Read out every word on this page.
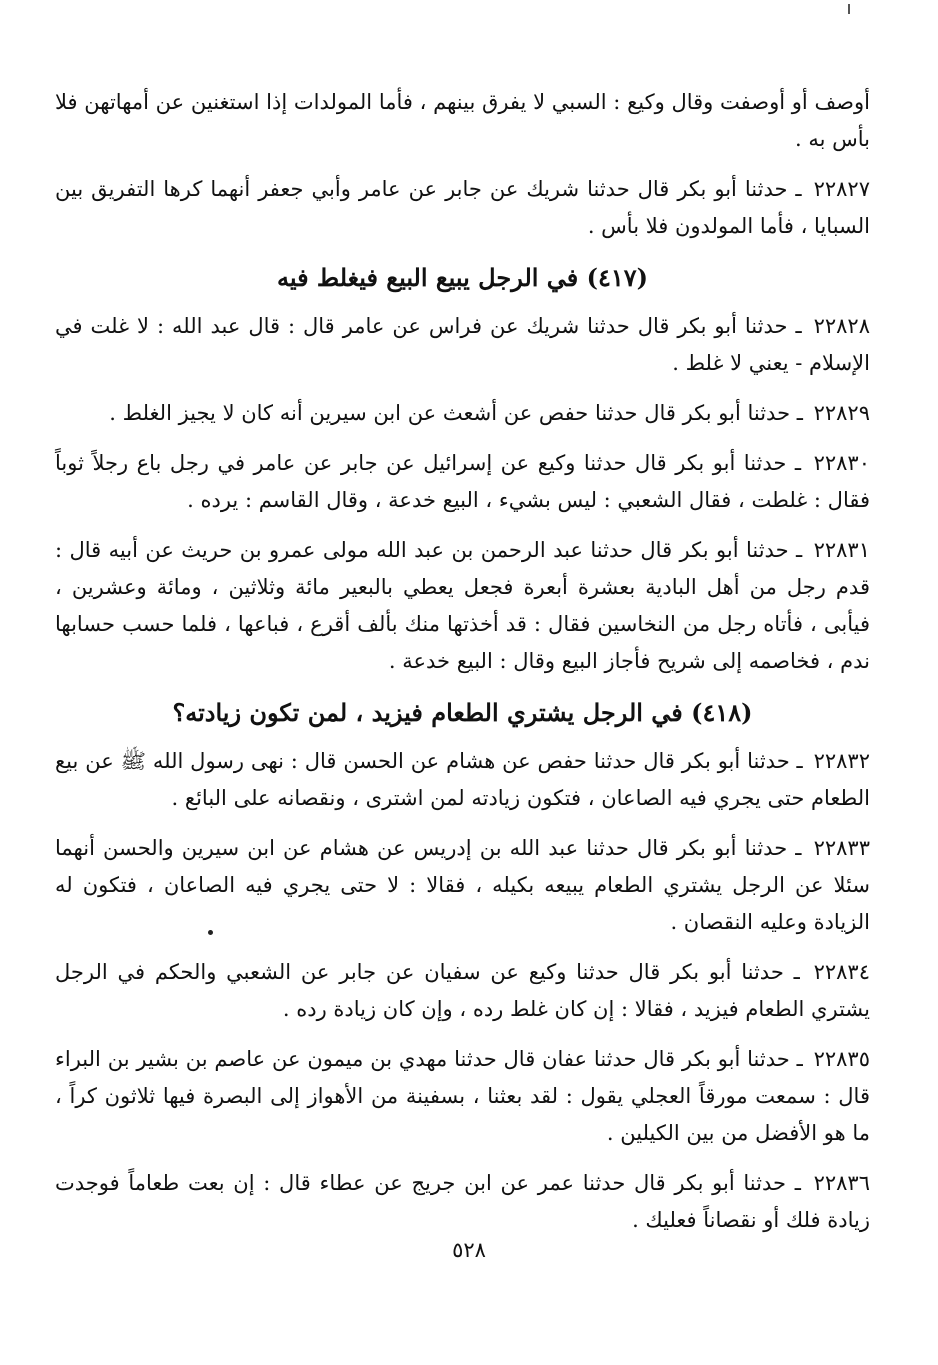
أوصف أو أوصفت وقال وكيع : السبي لا يفرق بينهم ، فأما المولدات إذا استغنين عن أمهاتهن فلا بأس به .

٢٢٨٢٧ ـ حدثنا أبو بكر قال حدثنا شريك عن جابر عن عامر وأبي جعفر أنهما كرها التفريق بين السبايا ، فأما المولدون فلا بأس .

(٤١٧) في الرجل يبيع البيع فيغلط فيه

٢٢٨٢٨ ـ حدثنا أبو بكر قال حدثنا شريك عن فراس عن عامر قال : قال عبد الله : لا غلت في الإسلام - يعني لا غلط .

٢٢٨٢٩ ـ حدثنا أبو بكر قال حدثنا حفص عن أشعث عن ابن سيرين أنه كان لا يجيز الغلط .

٢٢٨٣٠ ـ حدثنا أبو بكر قال حدثنا وكيع عن إسرائيل عن جابر عن عامر في رجل باع رجلاً ثوباً فقال : غلطت ، فقال الشعبي : ليس بشيء ، البيع خدعة ، وقال القاسم : يرده .

٢٢٨٣١ ـ حدثنا أبو بكر قال حدثنا عبد الرحمن بن عبد الله مولى عمرو بن حريث عن أبيه قال : قدم رجل من أهل البادية بعشرة أبعرة فجعل يعطي بالبعير مائة وثلاثين ، ومائة وعشرين ، فيأبى ، فأتاه رجل من النخاسين فقال : قد أخذتها منك بألف أقرع ، فباعها ، فلما حسب حسابها ندم ، فخاصمه إلى شريح فأجاز البيع وقال : البيع خدعة .

(٤١٨) في الرجل يشتري الطعام فيزيد ، لمن تكون زيادته؟

٢٢٨٣٢ ـ حدثنا أبو بكر قال حدثنا حفص عن هشام عن الحسن قال : نهى رسول الله ﷺ عن بيع الطعام حتى يجري فيه الصاعان ، فتكون زيادته لمن اشترى ، ونقصانه على البائع .

٢٢٨٣٣ ـ حدثنا أبو بكر قال حدثنا عبد الله بن إدريس عن هشام عن ابن سيرين والحسن أنهما سئلا عن الرجل يشتري الطعام يبيعه بكيله ، فقالا : لا حتى يجري فيه الصاعان ، فتكون له الزيادة وعليه النقصان .

٢٢٨٣٤ ـ حدثنا أبو بكر قال حدثنا وكيع عن سفيان عن جابر عن الشعبي والحكم في الرجل يشتري الطعام فيزيد ، فقالا : إن كان غلط رده ، وإن كان زيادة رده .

٢٢٨٣٥ ـ حدثنا أبو بكر قال حدثنا عفان قال حدثنا مهدي بن ميمون عن عاصم بن بشير بن البراء قال : سمعت مورقاً العجلي يقول : لقد بعثنا ، بسفينة من الأهواز إلى البصرة فيها ثلاثون كراً ، ما هو الأفضل من بين الكيلين .

٢٢٨٣٦ ـ حدثنا أبو بكر قال حدثنا عمر عن ابن جريج عن عطاء قال : إن بعت طعاماً فوجدت زيادة فلك أو نقصاناً فعليك .

٥٢٨
